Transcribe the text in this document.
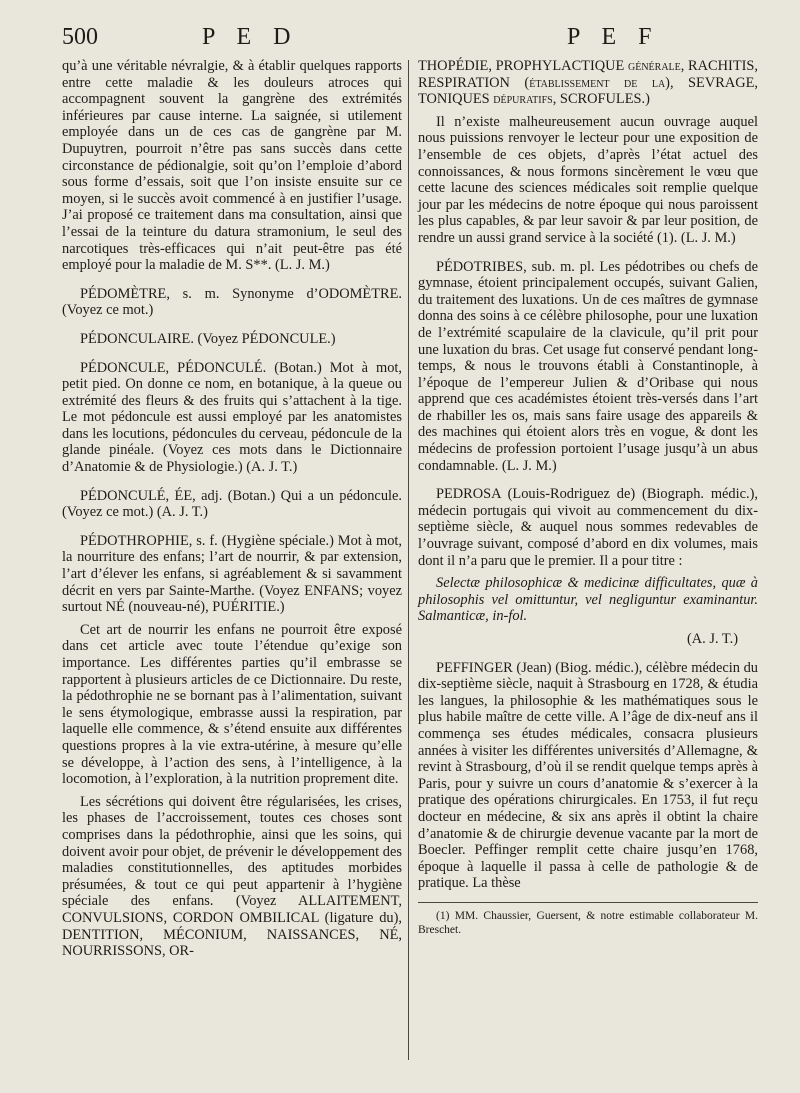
500	P E D	P E F

qu’à une véritable névralgie, & à établir quelques rapports entre cette maladie & les douleurs atroces qui accompagnent souvent la gangrène des extrémités inférieures par cause interne. La saignée, si utilement employée dans un de ces cas de gangrène par M. Dupuytren, pourroit n’être pas sans succès dans cette circonstance de pédionalgie, soit qu’on l’emploie d’abord sous forme d’essais, soit que l’on insiste ensuite sur ce moyen, si le succès avoit commencé à en justifier l’usage. J’ai proposé ce traitement dans ma consultation, ainsi que l’essai de la teinture du datura stramonium, le seul des narcotiques très-efficaces qui n’ait peut-être pas été employé pour la maladie de M. S**. (L. J. M.)

PÉDOMÈTRE, s. m. Synonyme d’ODOMÈTRE. (Voyez ce mot.)

PÉDONCULAIRE. (Voyez PÉDONCULE.)

PÉDONCULE, PÉDONCULÉ. (Botan.) Mot à mot, petit pied. On donne ce nom, en botanique, à la queue ou extrémité des fleurs & des fruits qui s’attachent à la tige. Le mot pédoncule est aussi employé par les anatomistes dans les locutions, pédoncules du cerveau, pédoncule de la glande pinéale. (Voyez ces mots dans le Dictionnaire d’Anatomie & de Physiologie.) (A. J. T.)

PÉDONCULÉ, ÉE, adj. (Botan.) Qui a un pédoncule. (Voyez ce mot.) (A. J. T.)

PÉDOTHROPHIE, s. f. (Hygiène spéciale.) Mot à mot, la nourriture des enfans; l’art de nourrir, & par extension, l’art d’élever les enfans, si agréablement & si savamment décrit en vers par Sainte-Marthe. (Voyez ENFANS; voyez surtout NÉ (nouveau-né), PUÉRITIE.)

Cet art de nourrir les enfans ne pourroit être exposé dans cet article avec toute l’étendue qu’exige son importance. Les différentes parties qu’il embrasse se rapportent à plusieurs articles de ce Dictionnaire. Du reste, la pédothrophie ne se bornant pas à l’alimentation, suivant le sens étymologique, embrasse aussi la respiration, par laquelle elle commence, & s’étend ensuite aux différentes questions propres à la vie extra-utérine, à mesure qu’elle se développe, à l’action des sens, à l’intelligence, à la locomotion, à l’exploration, à la nutrition proprement dite.

Les sécrétions qui doivent être régularisées, les crises, les phases de l’accroissement, toutes ces choses sont comprises dans la pédothrophie, ainsi que les soins, qui doivent avoir pour objet, de prévenir le développement des maladies constitutionnelles, des aptitudes morbides présumées, & tout ce qui peut appartenir à l’hygiène spéciale des enfans. (Voyez ALLAITEMENT, CONVULSIONS, CORDON OMBILICAL (ligature du), DENTITION, MÉCONIUM, NAISSANCES, NÉ, NOURRISSONS, OR-

THOPÉDIE, PROPHYLACTIQUE générale, RACHITIS, RESPIRATION (établissement de la), SEVRAGE, TONIQUES dépuratifs, SCROFULES.)

Il n’existe malheureusement aucun ouvrage auquel nous puissions renvoyer le lecteur pour une exposition de l’ensemble de ces objets, d’après l’état actuel des connoissances, & nous formons sincèrement le vœu que cette lacune des sciences médicales soit remplie quelque jour par les médecins de notre époque qui nous paroissent les plus capables, & par leur savoir & par leur position, de rendre un aussi grand service à la société (1). (L. J. M.)

PÉDOTRIBES, sub. m. pl. Les pédotribes ou chefs de gymnase, étoient principalement occupés, suivant Galien, du traitement des luxations. Un de ces maîtres de gymnase donna des soins à ce célèbre philosophe, pour une luxation de l’extrémité scapulaire de la clavicule, qu’il prit pour une luxation du bras. Cet usage fut conservé pendant long-temps, & nous le trouvons établi à Constantinople, à l’époque de l’empereur Julien & d’Oribase qui nous apprend que ces académistes étoient très-versés dans l’art de rhabiller les os, mais sans faire usage des appareils & des machines qui étoient alors très en vogue, & dont les médecins de profession portoient l’usage jusqu’à un abus condamnable. (L. J. M.)

PEDROSA (Louis-Rodriguez de) (Biograph. médic.), médecin portugais qui vivoit au commencement du dix-septième siècle, & auquel nous sommes redevables de l’ouvrage suivant, composé d’abord en dix volumes, mais dont il n’a paru que le premier. Il a pour titre :

Selectæ philosophicæ & medicinæ difficultates, quæ à philosophis vel omittuntur, vel negliguntur examinantur. Salmanticæ, in-fol.

(A. J. T.)

PEFFINGER (Jean) (Biog. médic.), célèbre médecin du dix-septième siècle, naquit à Strasbourg en 1728, & étudia les langues, la philosophie & les mathématiques sous le plus habile maître de cette ville. A l’âge de dix-neuf ans il commença ses études médicales, consacra plusieurs années à visiter les différentes universités d’Allemagne, & revint à Strasbourg, d’où il se rendit quelque temps après à Paris, pour y suivre un cours d’anatomie & s’exercer à la pratique des opérations chirurgicales. En 1753, il fut reçu docteur en médecine, & six ans après il obtint la chaire d’anatomie & de chirurgie devenue vacante par la mort de Boecler. Peffinger remplit cette chaire jusqu’en 1768, époque à laquelle il passa à celle de pathologie & de pratique. La thèse

(1) MM. Chaussier, Guersent, & notre estimable collaborateur M. Breschet.
